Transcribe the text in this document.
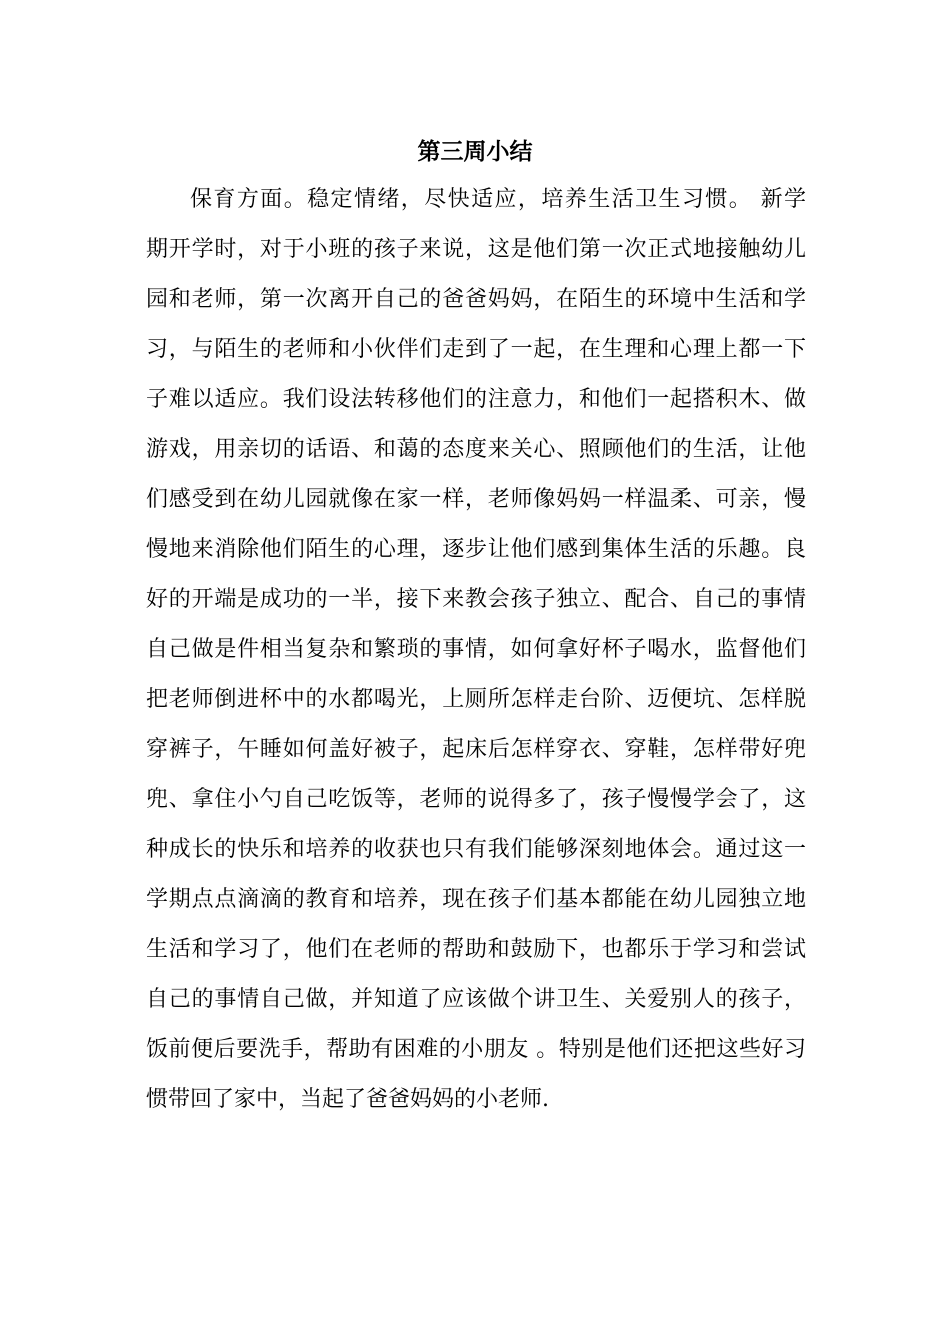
第三周小结
保育方面。稳定情绪，尽快适应，培养生活卫生习惯。 新学
期开学时，对于小班的孩子来说，这是他们第一次正式地接触幼儿
园和老师，第一次离开自己的爸爸妈妈，在陌生的环境中生活和学
习，与陌生的老师和小伙伴们走到了一起，在生理和心理上都一下
子难以适应。我们设法转移他们的注意力，和他们一起搭积木、做
游戏，用亲切的话语、和蔼的态度来关心、照顾他们的生活，让他
们感受到在幼儿园就像在家一样，老师像妈妈一样温柔、可亲，慢
慢地来消除他们陌生的心理，逐步让他们感到集体生活的乐趣。良
好的开端是成功的一半，接下来教会孩子独立、配合、自己的事情
自己做是件相当复杂和繁琐的事情，如何拿好杯子喝水，监督他们
把老师倒进杯中的水都喝光，上厕所怎样走台阶、迈便坑、怎样脱
穿裤子，午睡如何盖好被子，起床后怎样穿衣、穿鞋，怎样带好兜
兜、拿住小勺自己吃饭等，老师的说得多了，孩子慢慢学会了，这
种成长的快乐和培养的收获也只有我们能够深刻地体会。通过这一
学期点点滴滴的教育和培养，现在孩子们基本都能在幼儿园独立地
生活和学习了，他们在老师的帮助和鼓励下，也都乐于学习和尝试
自己的事情自己做，并知道了应该做个讲卫生、关爱别人的孩子，
饭前便后要洗手，帮助有困难的小朋友 。特别是他们还把这些好习
惯带回了家中，当起了爸爸妈妈的小老师.
